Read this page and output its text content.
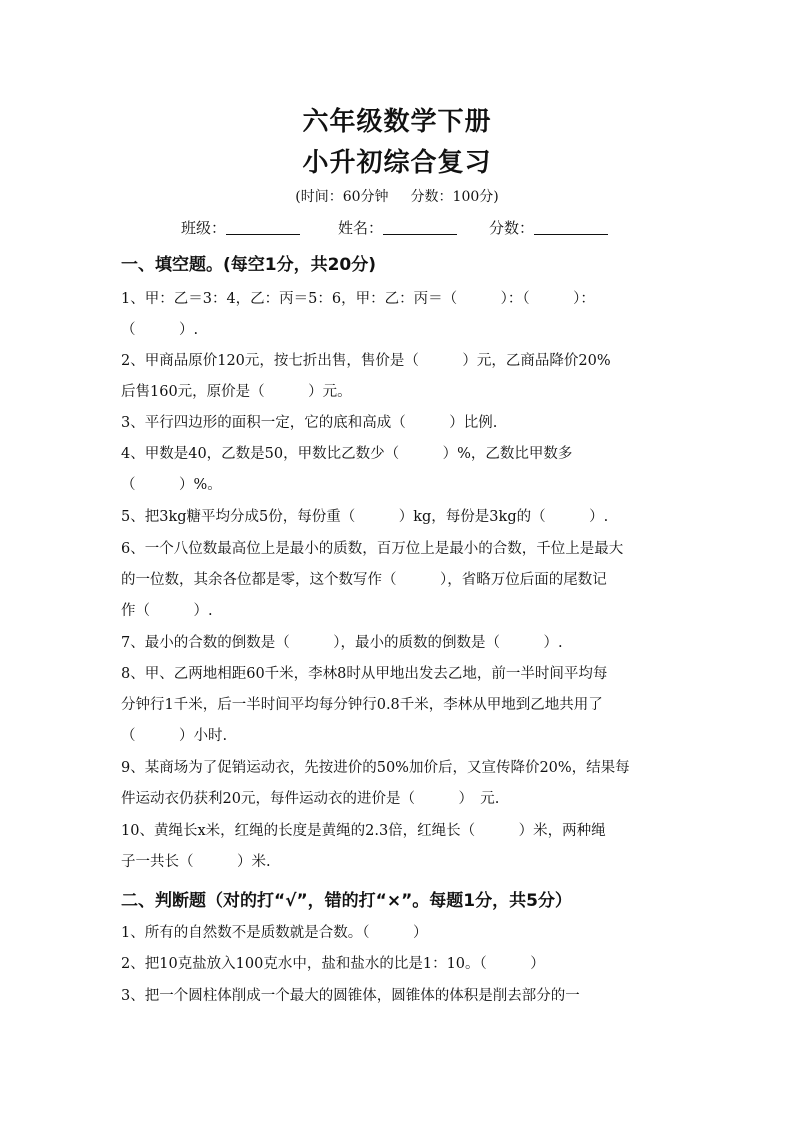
六年级数学下册
小升初综合复习
(时间：60分钟 分数：100分)
班级：	姓名：	分数：
一、填空题。(每空1分，共20分)
1、甲：乙＝3：4，乙：丙＝5：6，甲：乙：丙＝（　　　）：（　　　）：
（　　　）.
2、甲商品原价120元，按七折出售，售价是（　　　）元，乙商品降价20%
后售160元，原价是（　　　）元。
3、平行四边形的面积一定，它的底和高成（　　　）比例.
4、甲数是40，乙数是50，甲数比乙数少（　　　）%，乙数比甲数多
（　　　）%。
5、把3kg糖平均分成5份，每份重（　　　）kg，每份是3kg的（　　　）.
6、一个八位数最高位上是最小的质数，百万位上是最小的合数，千位上是最大
的一位数，其余各位都是零，这个数写作（　　　），省略万位后面的尾数记
作（　　　）.
7、最小的合数的倒数是（　　　），最小的质数的倒数是（　　　）.
8、甲、乙两地相距60千米，李林8时从甲地出发去乙地，前一半时间平均每
分钟行1千米，后一半时间平均每分钟行0.8千米，李林从甲地到乙地共用了
（　　　）小时.
9、某商场为了促销运动衣，先按进价的50%加价后，又宣传降价20%，结果每
件运动衣仍获利20元，每件运动衣的进价是（　　　）　元.
10、黄绳长x米，红绳的长度是黄绳的2.3倍，红绳长（　　　）米，两种绳
子一共长（　　　）米.
二、判断题（对的打“√”，错的打“×”。每题1分，共5分）
1、所有的自然数不是质数就是合数。（　　　）
2、把10克盐放入100克水中，盐和盐水的比是1：10。（　　　）
3、把一个圆柱体削成一个最大的圆锥体，圆锥体的体积是削去部分的一
